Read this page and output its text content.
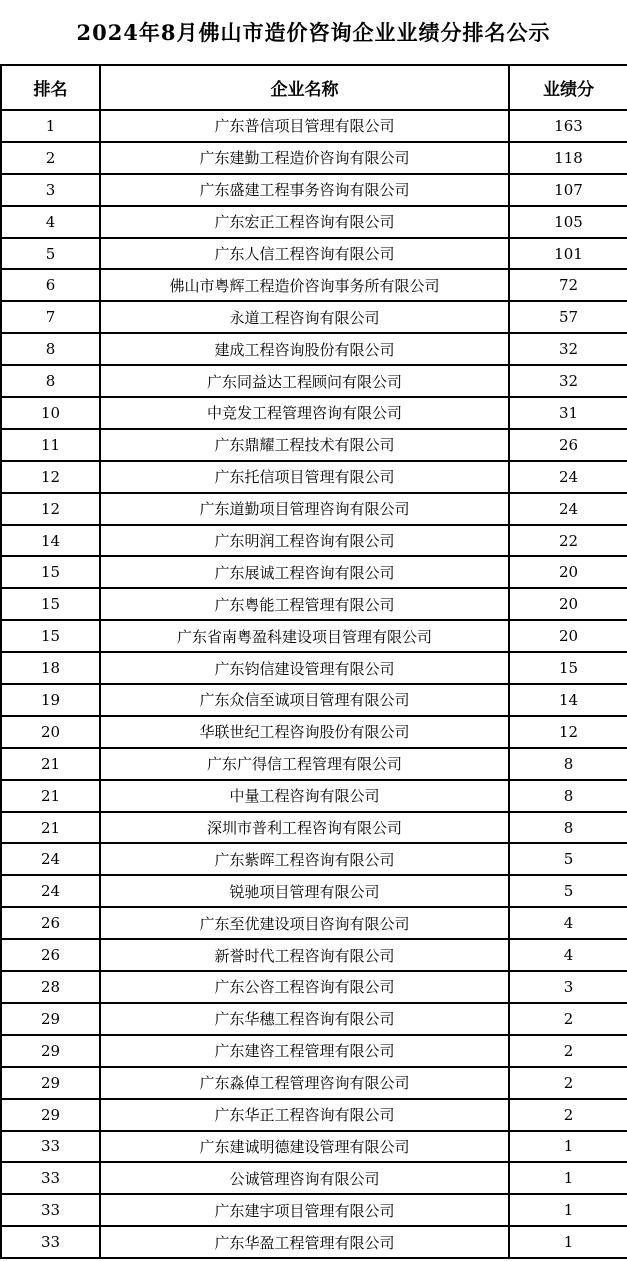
2024年8月佛山市造价咨询企业业绩分排名公示
排名	企业名称	业绩分
1	广东普信项目管理有限公司	163
2	广东建勤工程造价咨询有限公司	118
3	广东盛建工程事务咨询有限公司	107
4	广东宏正工程咨询有限公司	105
5	广东人信工程咨询有限公司	101
6	佛山市粤辉工程造价咨询事务所有限公司	72
7	永道工程咨询有限公司	57
8	建成工程咨询股份有限公司	32
8	广东同益达工程顾问有限公司	32
10	中竞发工程管理咨询有限公司	31
11	广东鼎耀工程技术有限公司	26
12	广东托信项目管理有限公司	24
12	广东道勤项目管理咨询有限公司	24
14	广东明润工程咨询有限公司	22
15	广东展诚工程咨询有限公司	20
15	广东粤能工程管理有限公司	20
15	广东省南粤盈科建设项目管理有限公司	20
18	广东钧信建设管理有限公司	15
19	广东众信至诚项目管理有限公司	14
20	华联世纪工程咨询股份有限公司	12
21	广东广得信工程管理有限公司	8
21	中量工程咨询有限公司	8
21	深圳市普利工程咨询有限公司	8
24	广东紫晖工程咨询有限公司	5
24	锐驰项目管理有限公司	5
26	广东至优建设项目咨询有限公司	4
26	新誉时代工程咨询有限公司	4
28	广东公咨工程咨询有限公司	3
29	广东华穗工程咨询有限公司	2
29	广东建咨工程管理有限公司	2
29	广东淼倬工程管理咨询有限公司	2
29	广东华正工程咨询有限公司	2
33	广东建诚明德建设管理有限公司	1
33	公诚管理咨询有限公司	1
33	广东建宇项目管理有限公司	1
33	广东华盈工程管理有限公司	1
